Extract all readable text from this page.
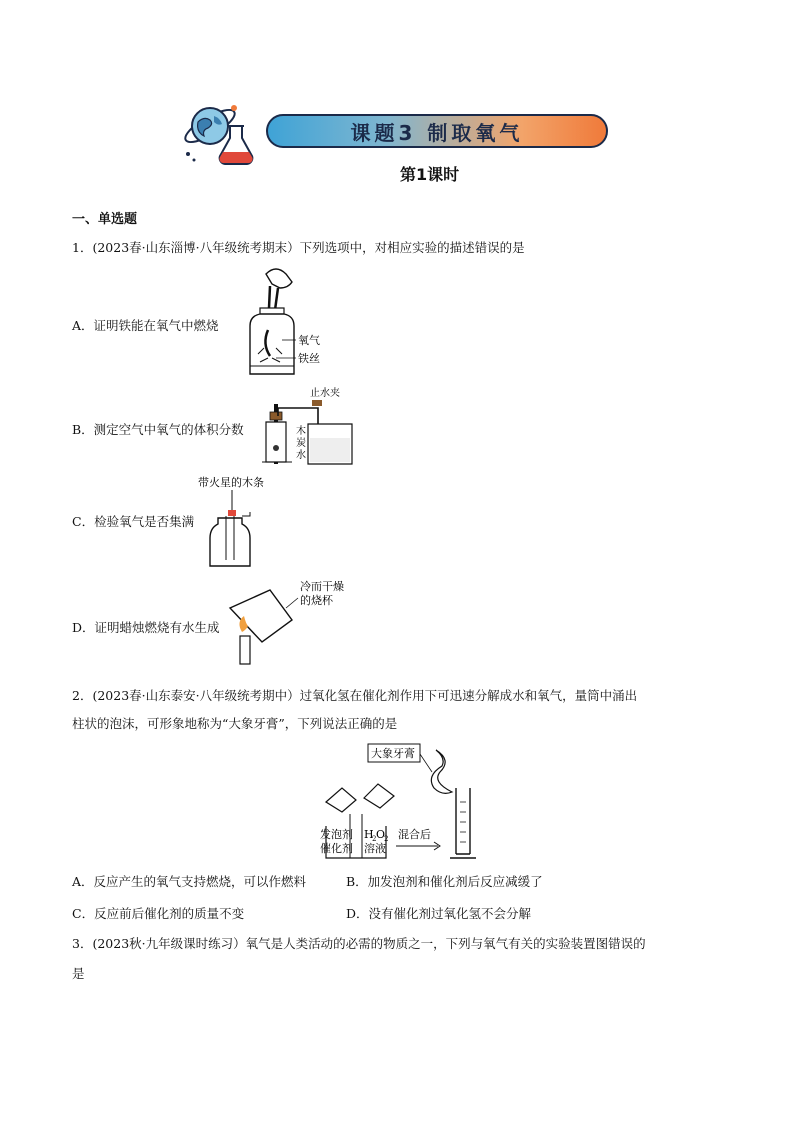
课题3 制取氧气
第1课时
一、单选题
1．(2023春·山东淄博·八年级统考期末）下列选项中，对相应实验的描述错误的是
A．证明铁能在氧气中燃烧
氧气
铁丝
B．测定空气中氧气的体积分数
止水夹
木
炭
水
C．检验氧气是否集满
带火星的木条
D．证明蜡烛燃烧有水生成
冷而干燥
的烧杯
2．(2023春·山东泰安·八年级统考期中）过氧化氢在催化剂作用下可迅速分解成水和氧气，量筒中涌出
柱状的泡沫，可形象地称为“大象牙膏”，下列说法正确的是
大象牙膏
发泡剂
催化剂
H
2 O
2
溶液
混合后
A．反应产生的氧气支持燃烧，可以作燃料	B．加发泡剂和催化剂后反应减缓了
C．反应前后催化剂的质量不变	D．没有催化剂过氧化氢不会分解
3．(2023秋·九年级课时练习）氧气是人类活动的必需的物质之一，下列与氧气有关的实验装置图错误的
是
